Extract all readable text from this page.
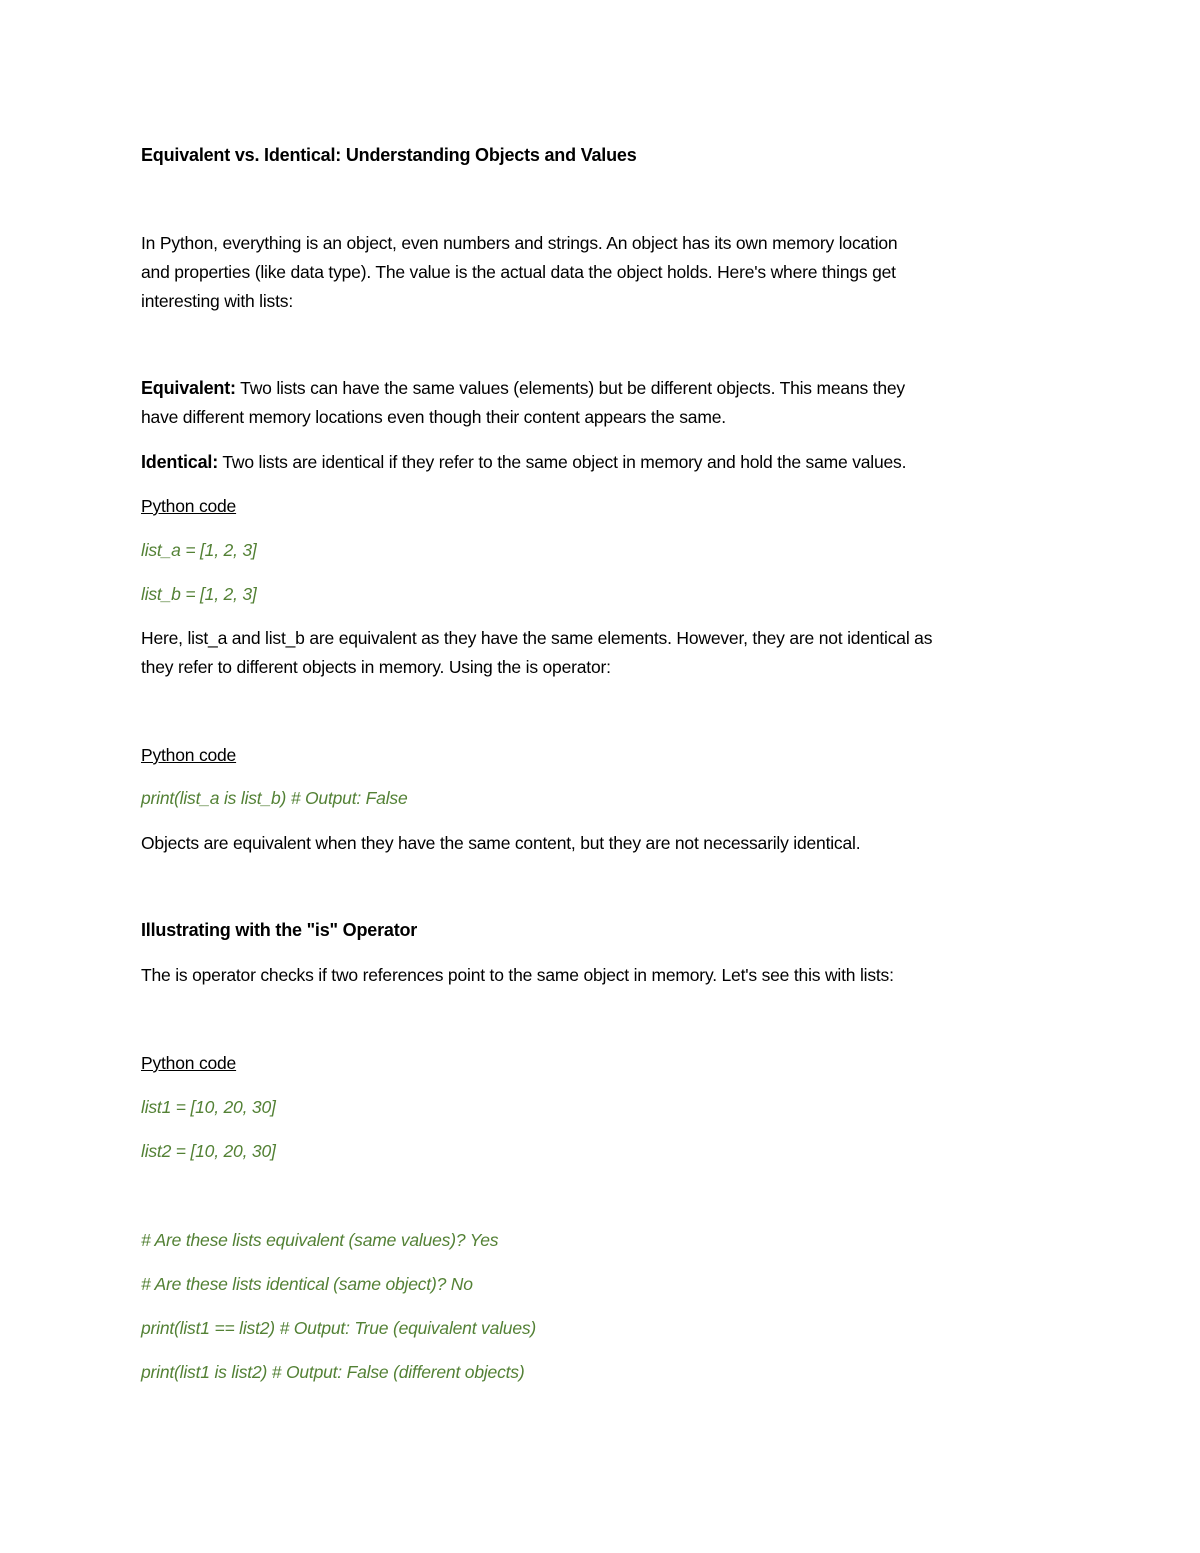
Equivalent vs. Identical: Understanding Objects and Values
In Python, everything is an object, even numbers and strings. An object has its own memory location
and properties (like data type). The value is the actual data the object holds. Here's where things get
interesting with lists:
Equivalent: Two lists can have the same values (elements) but be different objects. This means they
have different memory locations even though their content appears the same.
Identical: Two lists are identical if they refer to the same object in memory and hold the same values.
Python code
list_a = [1, 2, 3]
list_b = [1, 2, 3]
Here, list_a and list_b are equivalent as they have the same elements. However, they are not identical as
they refer to different objects in memory. Using the is operator:
Python code
print(list_a is list_b) # Output: False
Objects are equivalent when they have the same content, but they are not necessarily identical.
Illustrating with the "is" Operator
The is operator checks if two references point to the same object in memory. Let's see this with lists:
Python code
list1 = [10, 20, 30]
list2 = [10, 20, 30]
# Are these lists equivalent (same values)? Yes
# Are these lists identical (same object)? No
print(list1 == list2) # Output: True (equivalent values)
print(list1 is list2) # Output: False (different objects)
